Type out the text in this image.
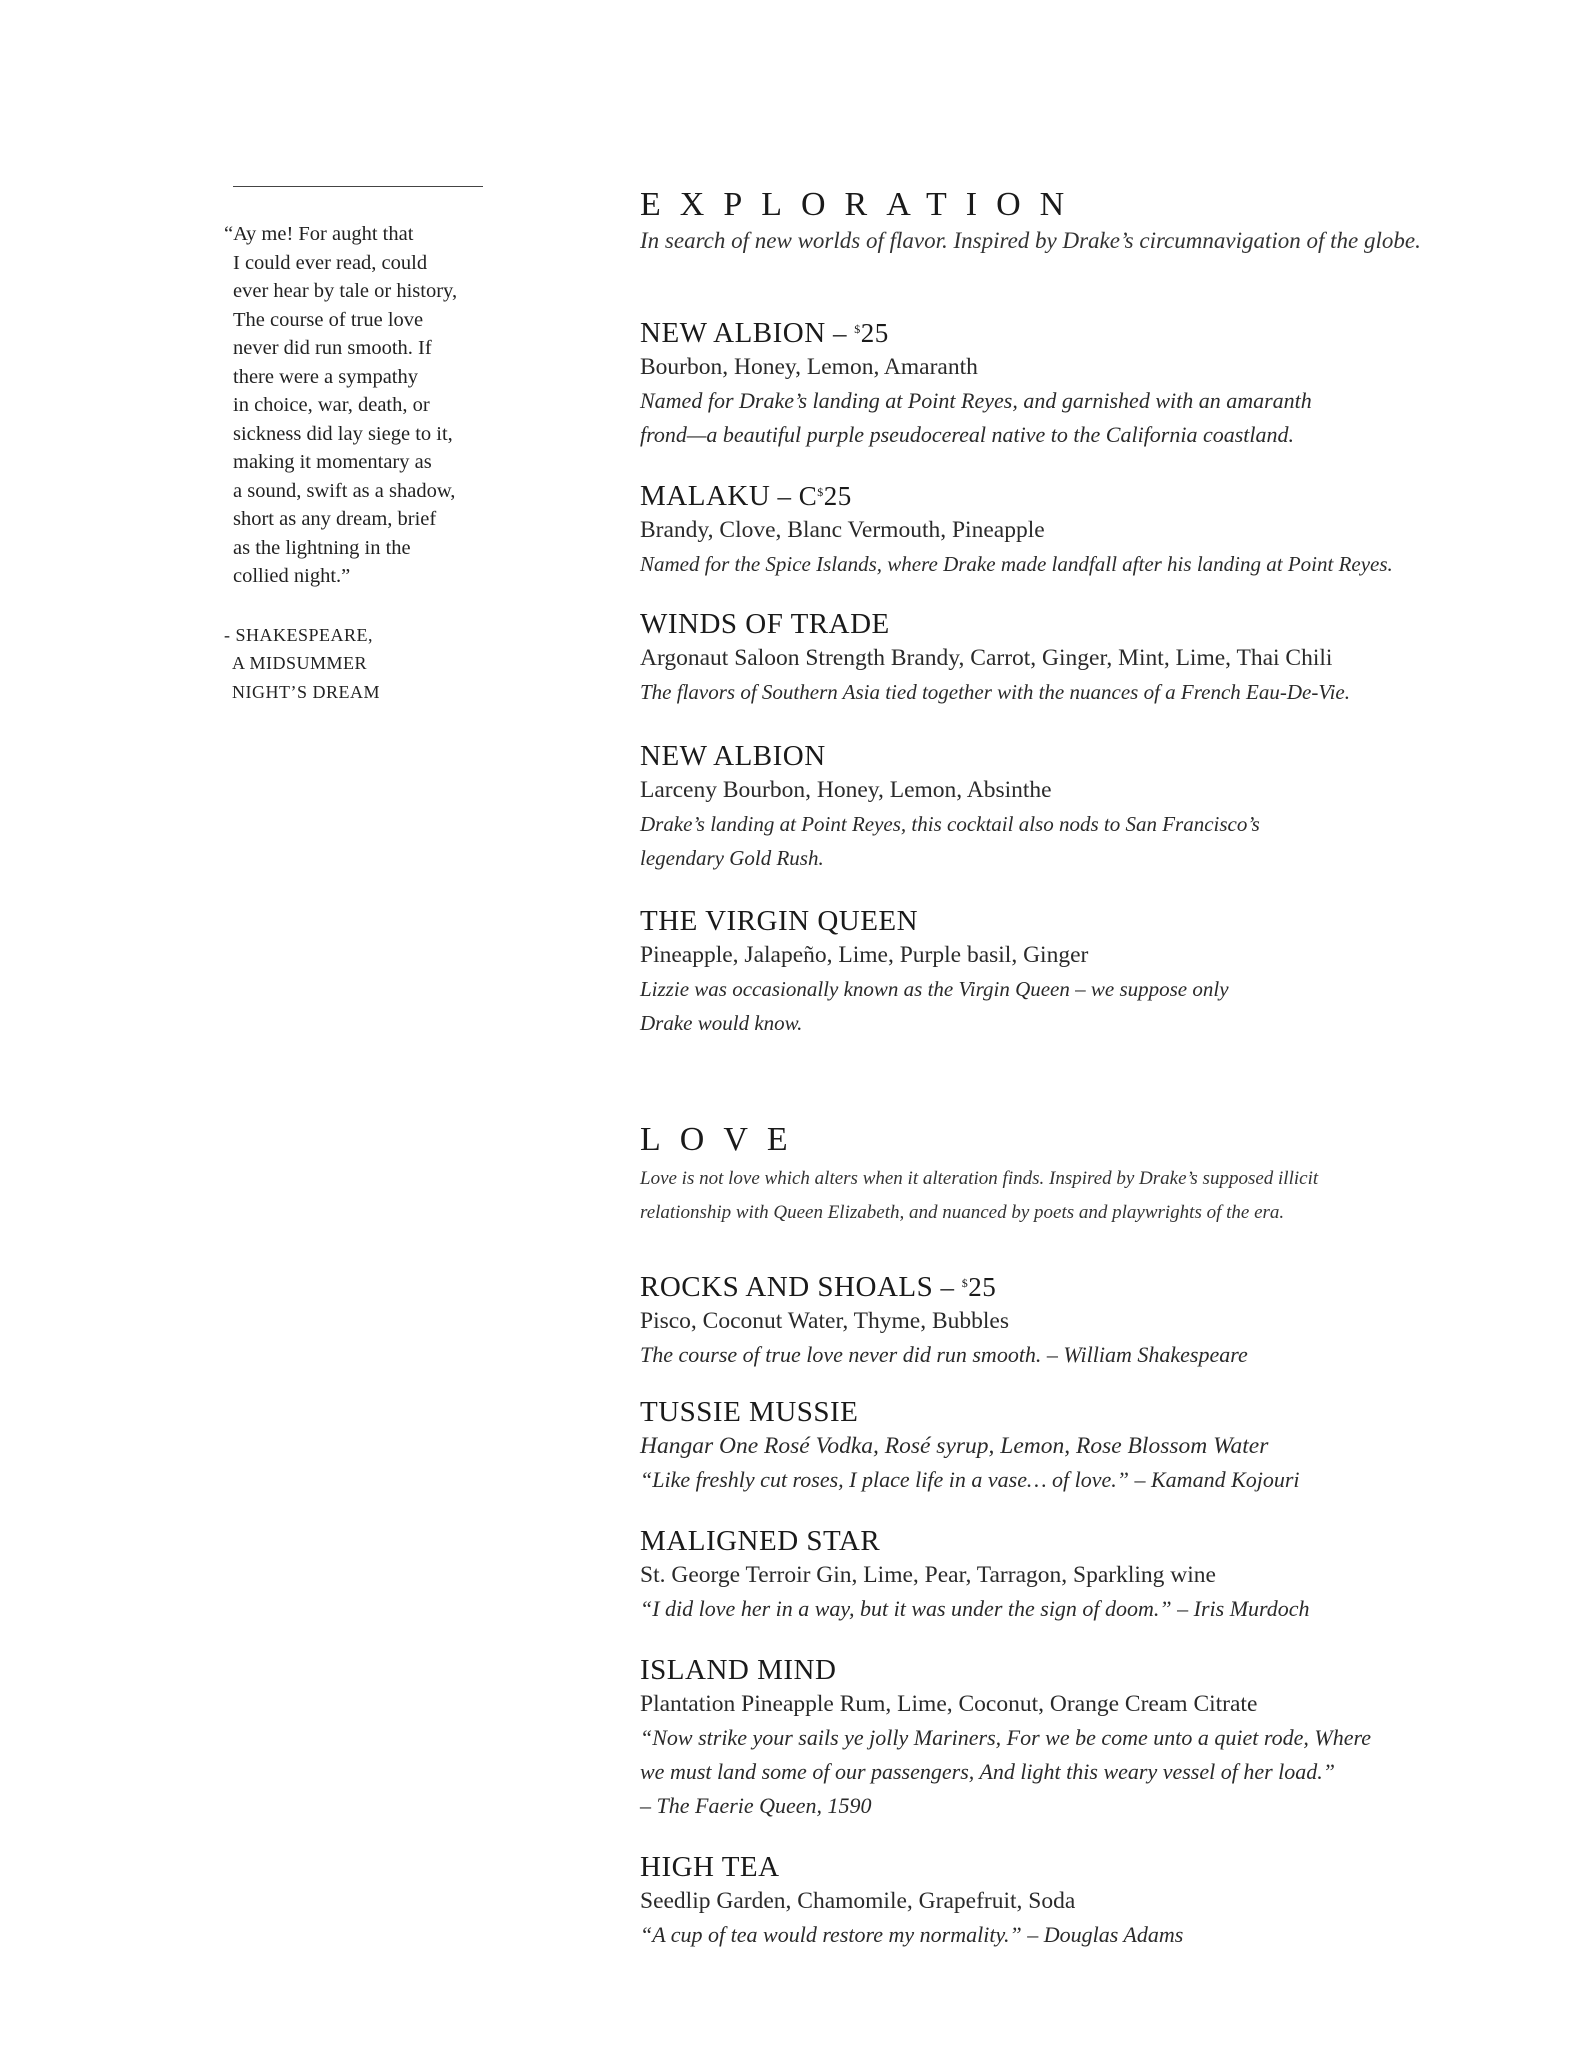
“Ay me! For aught that
I could ever read, could
ever hear by tale or history,
The course of true love
never did run smooth. If
there were a sympathy
in choice, war, death, or
sickness did lay siege to it,
making it momentary as
a sound, swift as a shadow,
short as any dream, brief
as the lightning in the
collied night.”
- SHAKESPEARE,
A MIDSUMMER
NIGHT’S DREAM
EXPLORATION
In search of new worlds of flavor. Inspired by Drake’s circumnavigation of the globe.
NEW ALBION – $25
Bourbon, Honey, Lemon, Amaranth
Named for Drake’s landing at Point Reyes, and garnished with an amaranth
frond—a beautiful purple pseudocereal native to the California coastland.
MALAKU – C$25
Brandy, Clove, Blanc Vermouth, Pineapple
Named for the Spice Islands, where Drake made landfall after his landing at Point Reyes.
WINDS OF TRADE
Argonaut Saloon Strength Brandy, Carrot, Ginger, Mint, Lime, Thai Chili
The flavors of Southern Asia tied together with the nuances of a French Eau-De-Vie.
NEW ALBION
Larceny Bourbon, Honey, Lemon, Absinthe
Drake’s landing at Point Reyes, this cocktail also nods to San Francisco’s
legendary Gold Rush.
THE VIRGIN QUEEN
Pineapple, Jalapeño, Lime, Purple basil, Ginger
Lizzie was occasionally known as the Virgin Queen – we suppose only
Drake would know.
LOVE
Love is not love which alters when it alteration finds. Inspired by Drake’s supposed illicit
relationship with Queen Elizabeth, and nuanced by poets and playwrights of the era.
ROCKS AND SHOALS – $25
Pisco, Coconut Water, Thyme, Bubbles
The course of true love never did run smooth. – William Shakespeare
TUSSIE MUSSIE
Hangar One Rosé Vodka, Rosé syrup, Lemon, Rose Blossom Water
“Like freshly cut roses, I place life in a vase… of love.” – Kamand Kojouri
MALIGNED STAR
St. George Terroir Gin, Lime, Pear, Tarragon, Sparkling wine
“I did love her in a way, but it was under the sign of doom.” – Iris Murdoch
ISLAND MIND
Plantation Pineapple Rum, Lime, Coconut, Orange Cream Citrate
“Now strike your sails ye jolly Mariners, For we be come unto a quiet rode, Where
we must land some of our passengers, And light this weary vessel of her load.”
– The Faerie Queen, 1590
HIGH TEA
Seedlip Garden, Chamomile, Grapefruit, Soda
“A cup of tea would restore my normality.” – Douglas Adams
